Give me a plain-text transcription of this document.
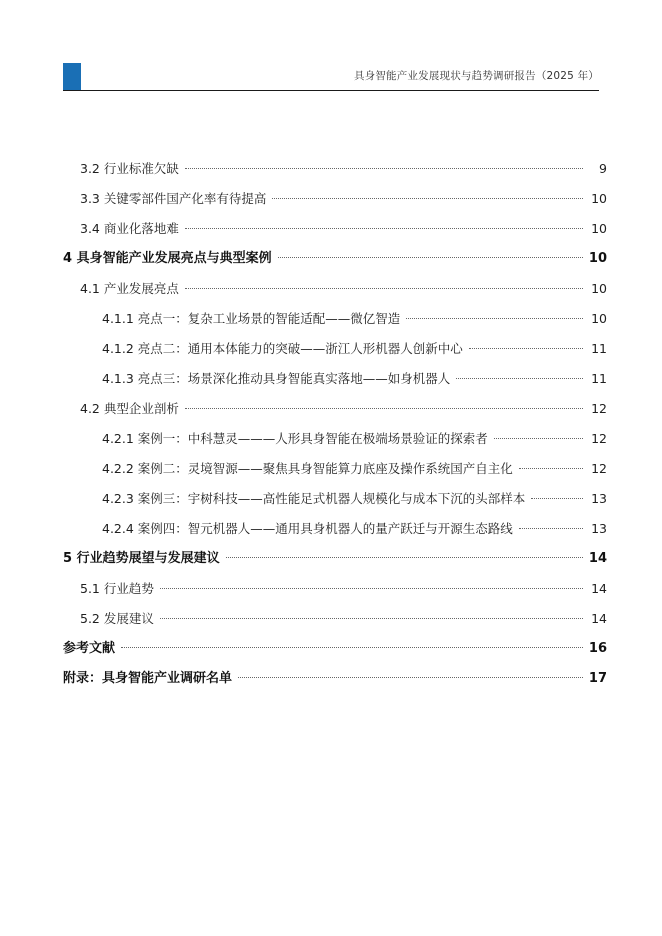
具身智能产业发展现状与趋势调研报告（2025 年）
3.2 行业标准欠缺	9
3.3 关键零部件国产化率有待提高	10
3.4 商业化落地难	10
4 具身智能产业发展亮点与典型案例	10
4.1 产业发展亮点	10
4.1.1 亮点一：复杂工业场景的智能适配——微亿智造	10
4.1.2 亮点二：通用本体能力的突破——浙江人形机器人创新中心	11
4.1.3 亮点三：场景深化推动具身智能真实落地——如身机器人	11
4.2 典型企业剖析	12
4.2.1 案例一：中科慧灵———人形具身智能在极端场景验证的探索者	12
4.2.2 案例二：灵境智源——聚焦具身智能算力底座及操作系统国产自主化	12
4.2.3 案例三：宇树科技——高性能足式机器人规模化与成本下沉的头部样本	13
4.2.4 案例四：智元机器人——通用具身机器人的量产跃迁与开源生态路线	13
5 行业趋势展望与发展建议	14
5.1 行业趋势	14
5.2 发展建议	14
参考文献	16
附录：具身智能产业调研名单	17
